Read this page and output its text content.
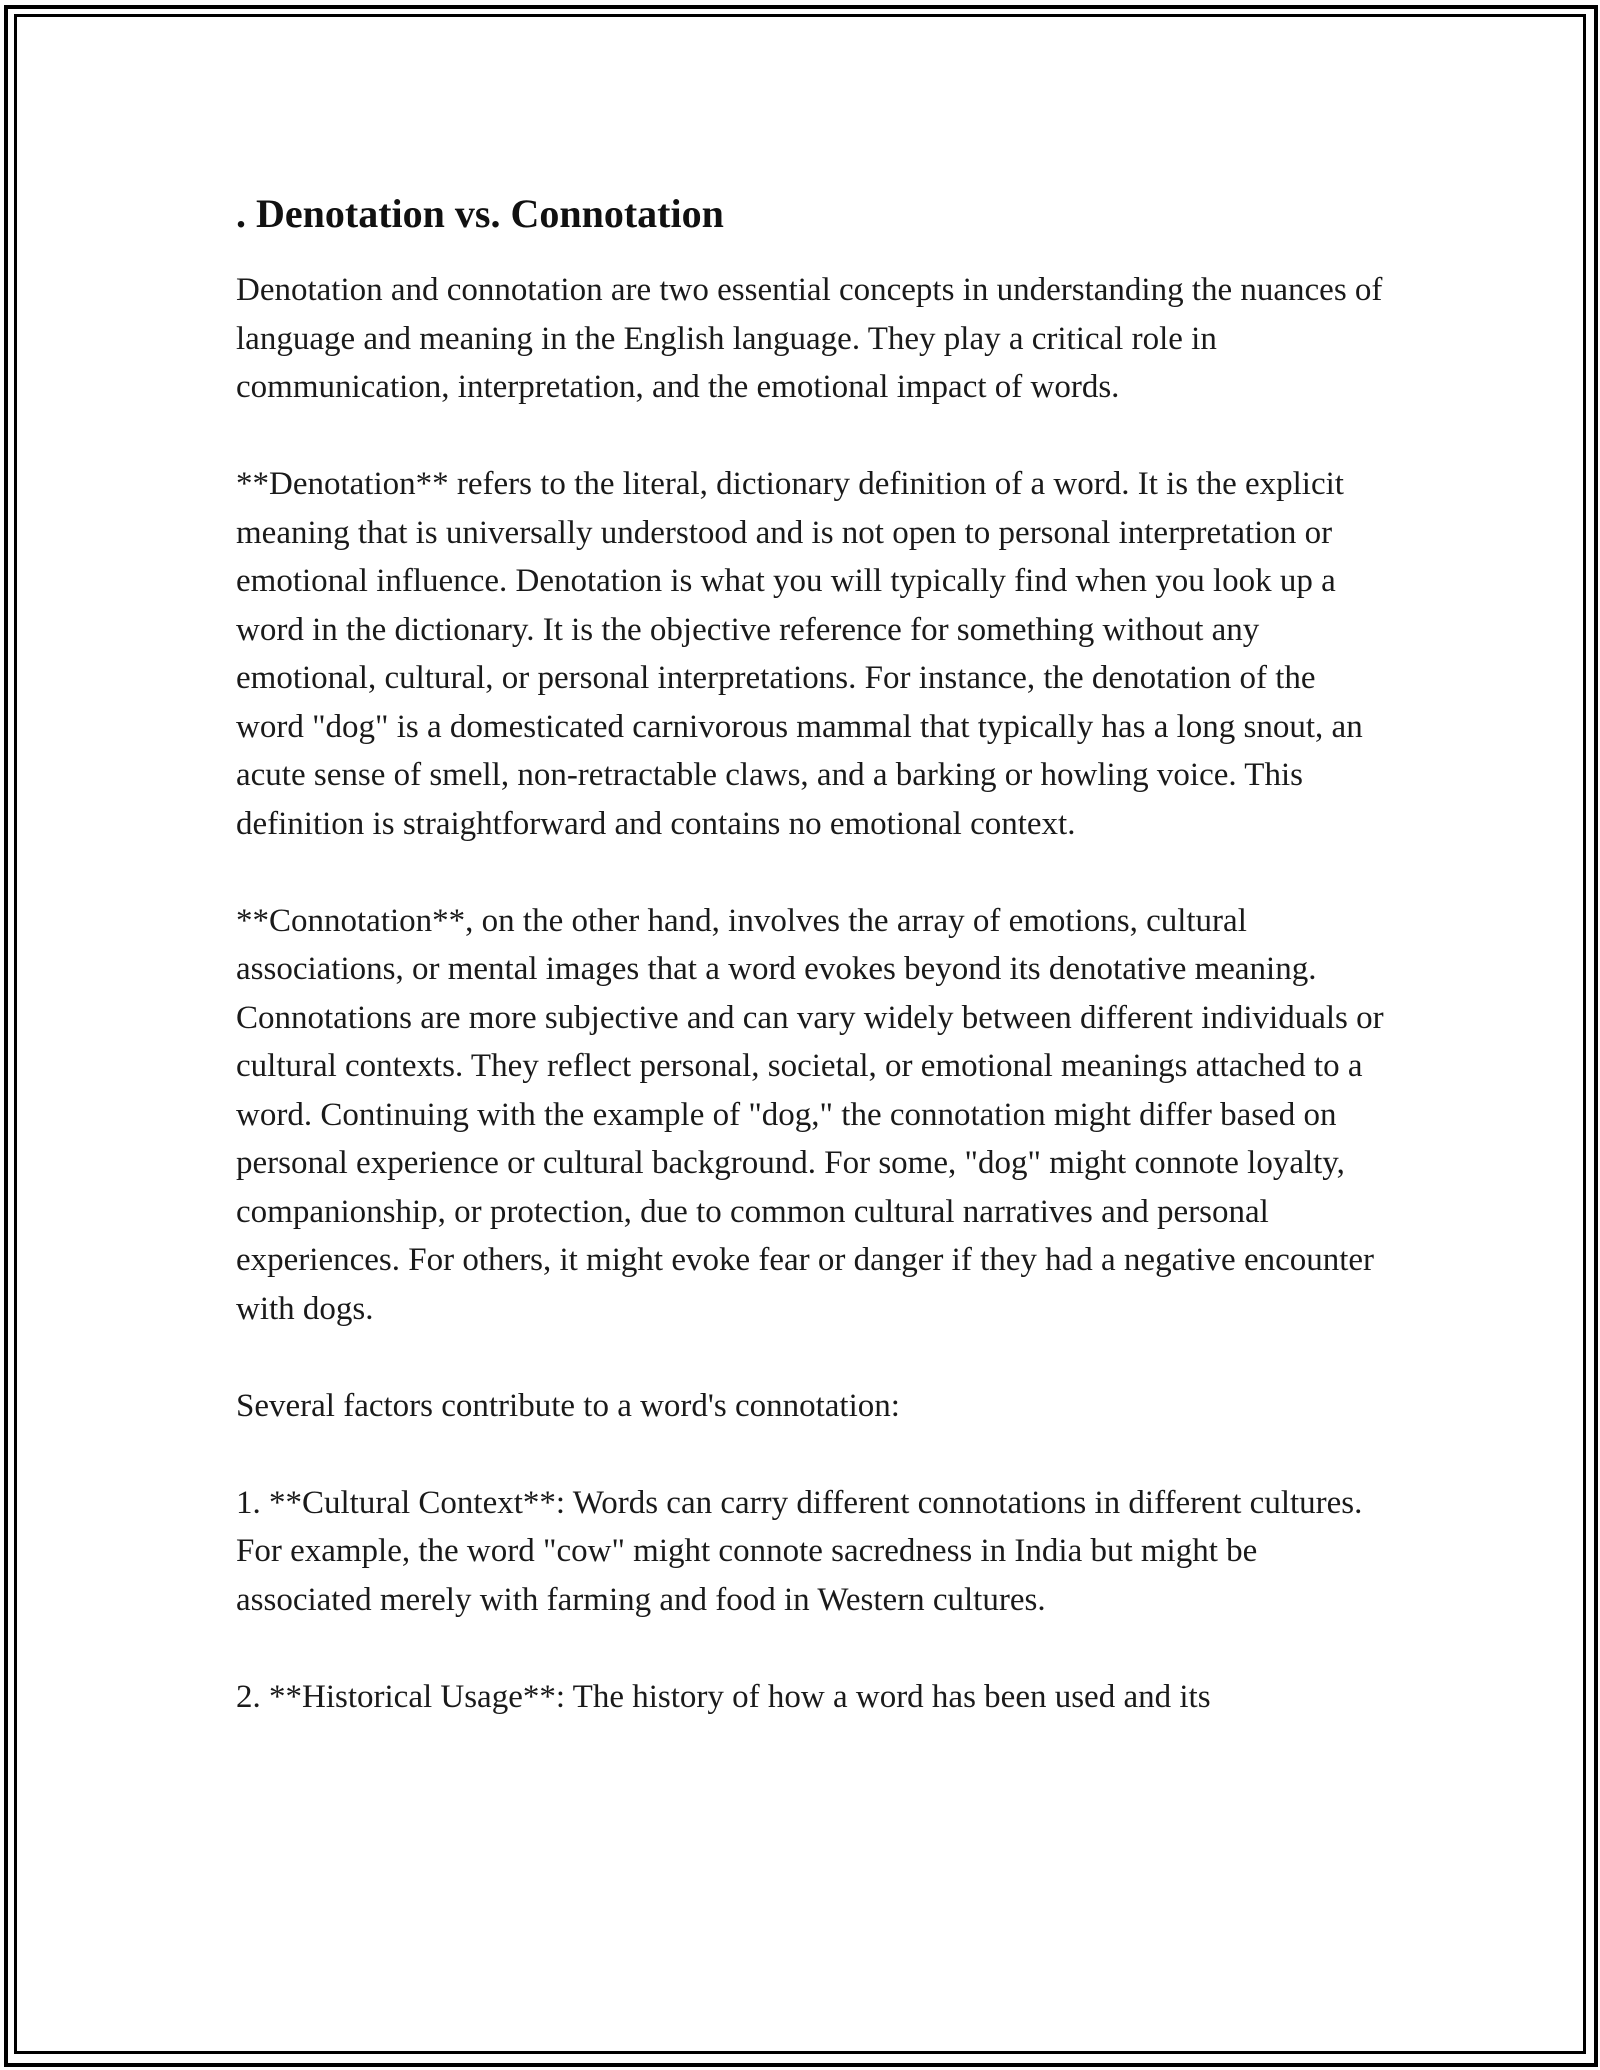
. Denotation vs. Connotation

Denotation and connotation are two essential concepts in understanding the nuances of language and meaning in the English language. They play a critical role in communication, interpretation, and the emotional impact of words.

**Denotation** refers to the literal, dictionary definition of a word. It is the explicit meaning that is universally understood and is not open to personal interpretation or emotional influence. Denotation is what you will typically find when you look up a word in the dictionary. It is the objective reference for something without any emotional, cultural, or personal interpretations. For instance, the denotation of the word "dog" is a domesticated carnivorous mammal that typically has a long snout, an acute sense of smell, non-retractable claws, and a barking or howling voice. This definition is straightforward and contains no emotional context.

**Connotation**, on the other hand, involves the array of emotions, cultural associations, or mental images that a word evokes beyond its denotative meaning. Connotations are more subjective and can vary widely between different individuals or cultural contexts. They reflect personal, societal, or emotional meanings attached to a word. Continuing with the example of "dog," the connotation might differ based on personal experience or cultural background. For some, "dog" might connote loyalty, companionship, or protection, due to common cultural narratives and personal experiences. For others, it might evoke fear or danger if they had a negative encounter with dogs.

Several factors contribute to a word's connotation:

1. **Cultural Context**: Words can carry different connotations in different cultures. For example, the word "cow" might connote sacredness in India but might be associated merely with farming and food in Western cultures.

2. **Historical Usage**: The history of how a word has been used and its
